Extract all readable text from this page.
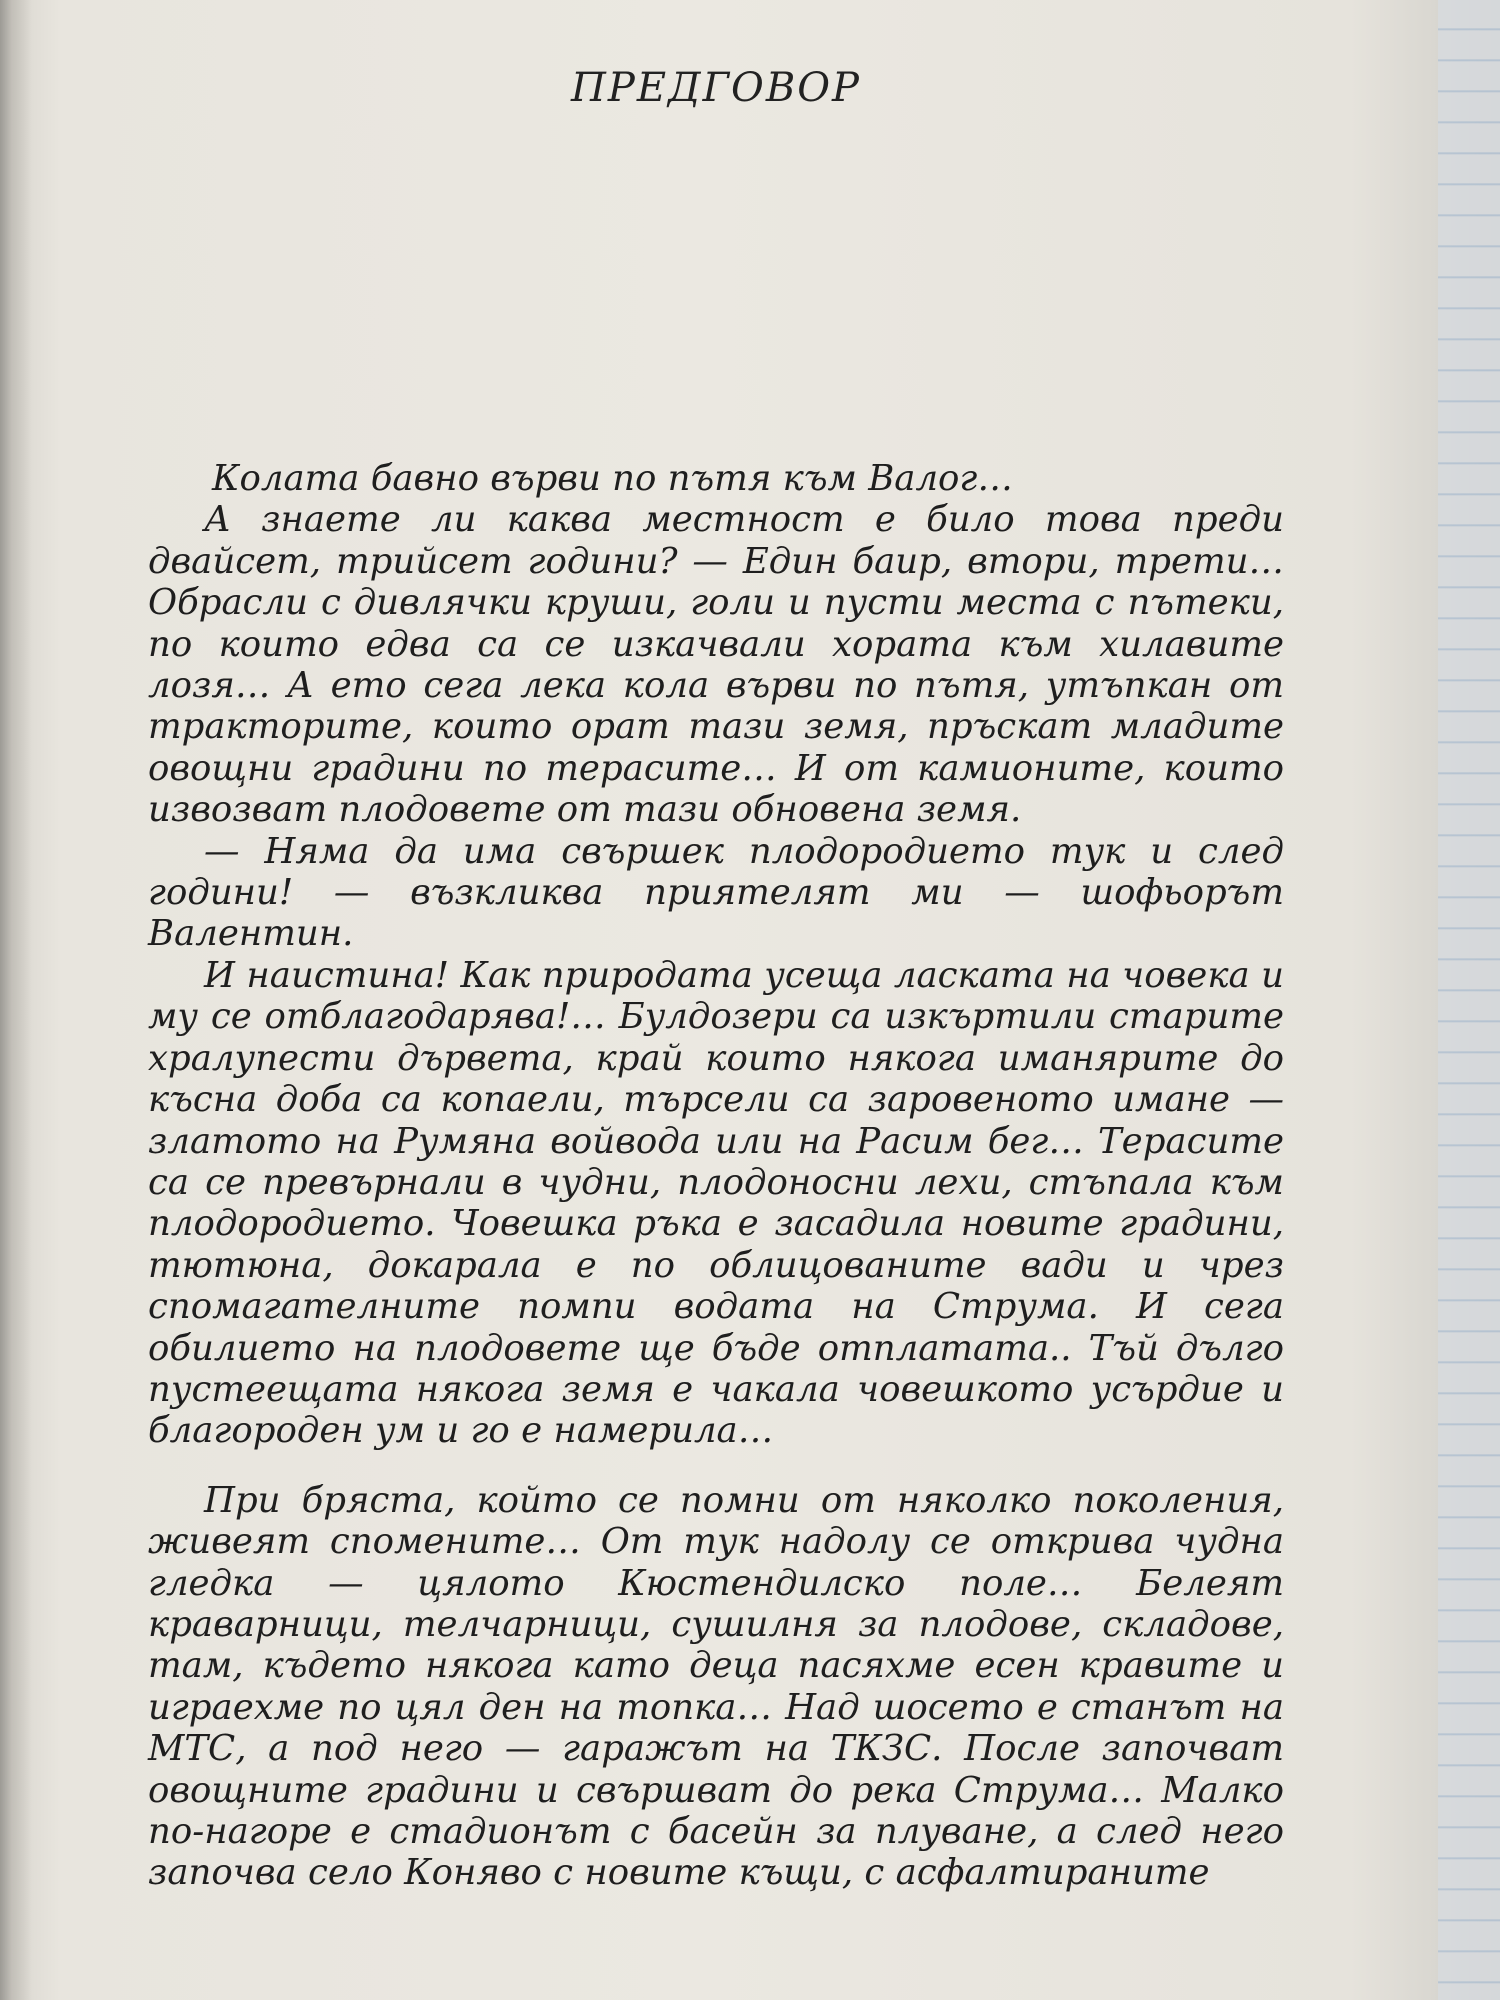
ПРЕДГОВОР

Колата бавно върви по пътя към Валог…

А знаете ли каква местност е било това преди двайсет, трийсет години? — Един баир, втори, трети… Обрасли с дивлячки круши, голи и пусти места с пътеки, по които едва са се изкачвали хората към хилавите лозя… А ето сега лека кола върви по пътя, утъпкан от тракторите, които орат тази земя, пръскат младите овощни градини по терасите… И от камионите, които извозват плодовете от тази обновена земя.

— Няма да има свършек плодородието тук и след години! — възкликва приятелят ми — шофьорът Валентин.

И наистина! Как природата усеща ласката на човека и му се отблагодарява!… Булдозери са изкъртили старите хралупести дървета, край които някога иманярите до късна доба са копаели, търсели са заровеното имане — златото на Румяна войвода или на Расим бег… Терасите са се превърнали в чудни, плодоносни лехи, стъпала към плодородието. Човешка ръка е засадила новите градини, тютюна, докарала е по облицованите вади и чрез спомагателните помпи водата на Струма. И сега обилието на плодовете ще бъде отплатата.. Тъй дълго пустеещата някога земя е чакала човешкото усърдие и благороден ум и го е намерила…

При бряста, който се помни от няколко поколения, живеят спомените… От тук надолу се открива чудна гледка — цялото Кюстендилско поле… Белеят краварници, телчарници, сушилня за плодове, складове, там, където някога като деца пасяхме есен кравите и играехме по цял ден на топка… Над шосето е станът на МТС, а под него — гаражът на ТКЗС. После започват овощните градини и свършват до река Струма… Малко по-нагоре е стадионът с басейн за плуване, а след него започва село Коняво с новите къщи, с асфалтираните
